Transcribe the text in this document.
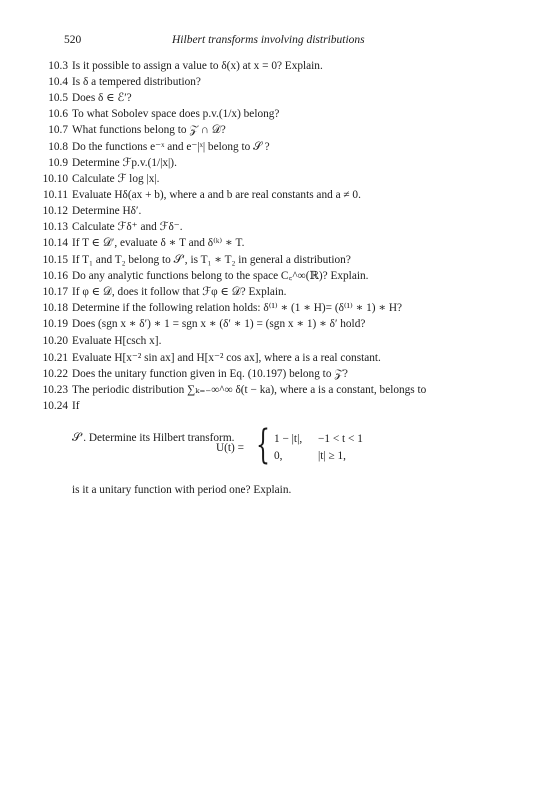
520	Hilbert transforms involving distributions
10.3 Is it possible to assign a value to δ(x) at x = 0? Explain.
10.4 Is δ a tempered distribution?
10.5 Does δ ∈ ℰ′?
10.6 To what Sobolev space does p.v.(1/x) belong?
10.7 What functions belong to 𝒵 ∩ 𝒟?
10.8 Do the functions e⁻ˣ and e⁻|ˣ| belong to 𝒮 ?
10.9 Determine ℱp.v.(1/|x|).
10.10 Calculate ℱ log |x|.
10.11 Evaluate Hδ(ax + b), where a and b are real constants and a ≠ 0.
10.12 Determine Hδ′.
10.13 Calculate ℱδ⁺ and ℱδ⁻.
10.14 If T ∈ 𝒟′, evaluate δ ∗ T and δ⁽ᵏ⁾ ∗ T.
10.15 If T₁ and T₂ belong to 𝒮′, is T₁ ∗ T₂ in general a distribution?
10.16 Do any analytic functions belong to the space C꜀^∞(ℝ)? Explain.
10.17 If φ ∈ 𝒟, does it follow that ℱφ ∈ 𝒟? Explain.
10.18 Determine if the following relation holds: δ⁽¹⁾ ∗ (1 ∗ H)= (δ⁽¹⁾ ∗ 1) ∗ H?
10.19 Does (sgn x ∗ δ′) ∗ 1 = sgn x ∗ (δ′ ∗ 1) = (sgn x ∗ 1) ∗ δ′ hold?
10.20 Evaluate H[csch x].
10.21 Evaluate H[x⁻² sin ax] and H[x⁻² cos ax], where a is a real constant.
10.22 Does the unitary function given in Eq. (10.197) belong to 𝒵?
10.23 The periodic distribution ∑ₖ₌₋∞^∞ δ(t − ka), where a is a constant, belongs to
10.24 If
𝒮′. Determine its Hilbert transform.
U(t) = { 1 − |t|, −1 < t < 1
0,	|t| ≥ 1,
is it a unitary function with period one? Explain.
